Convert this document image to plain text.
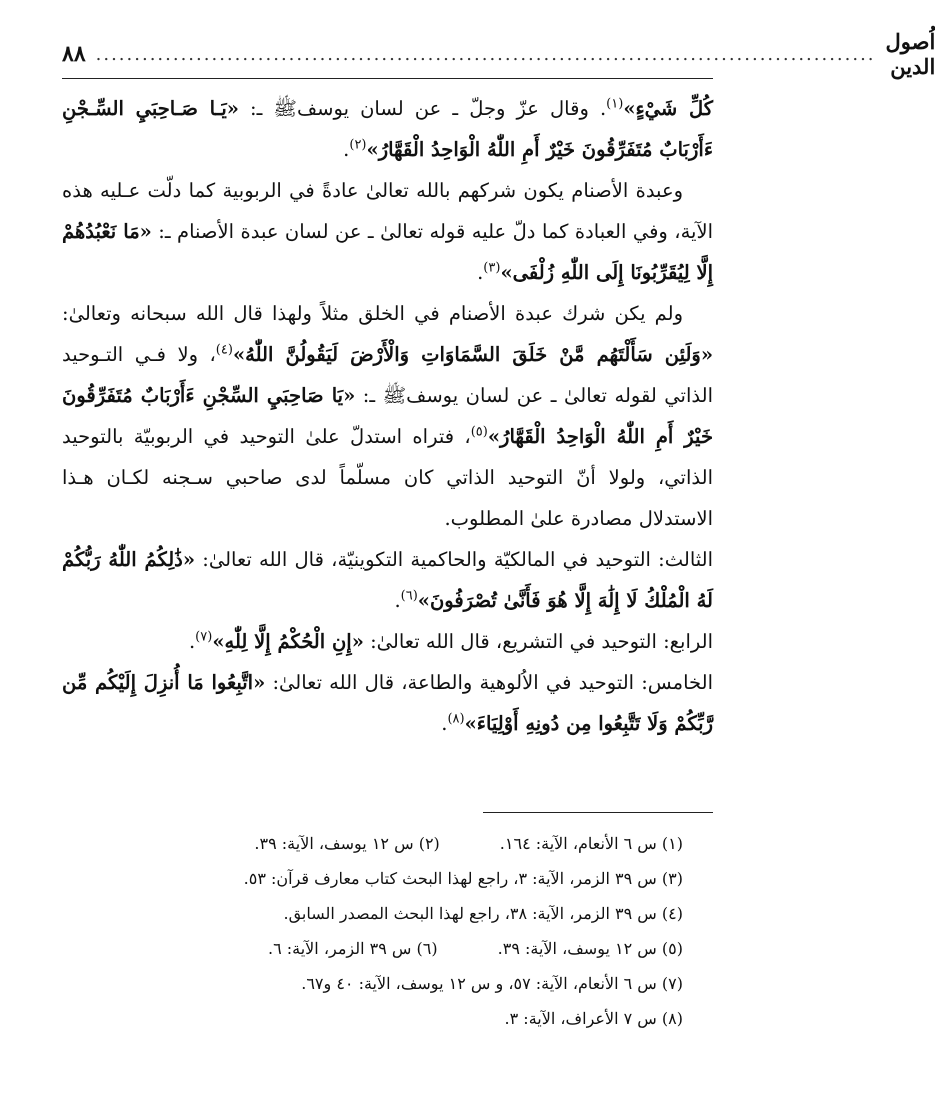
٨٨ ..................................................................................................... اُصول الدين

كُلِّ شَيْءٍ»$^{(١)}$. وقال عزّ وجلّ ـ عن لسان يوسفﷺ ـ: «يَـا صَـاحِبَيِ السِّـجْنِ ءَأَرْبَابٌ مُتَفَرِّقُونَ خَيْرٌ أَمِ اللّٰهُ الْوَاحِدُ الْقَهَّارُ»$^{(٢)}$.

وعبدة الأصنام يكون شركهم بالله تعالىٰ عادةً في الربوبية كما دلّت عـليه هذه الآية، وفي العبادة كما دلّ عليه قوله تعالىٰ ـ عن لسان عبدة الأصنام ـ: «مَا نَعْبُدُهُمْ إِلَّا لِيُقَرِّبُونَا إِلَى اللّٰهِ زُلْفَى»$^{(٣)}$.

ولم يكن شرك عبدة الأصنام في الخلق مثلاً ولهذا قال الله سبحانه وتعالىٰ: «وَلَئِن سَأَلْتَهُم مَّنْ خَلَقَ السَّمَاوَاتِ وَالْأَرْضَ لَيَقُولُنَّ اللّٰهُ»$^{(٤)}$، ولا فـي التـوحيد الذاتي لقوله تعالىٰ ـ عن لسان يوسفﷺ ـ: «يَا صَاحِبَيِ السِّجْنِ ءَأَرْبَابٌ مُتَفَرِّقُونَ خَيْرٌ أَمِ اللّٰهُ الْوَاحِدُ الْقَهَّارُ»$^{(٥)}$، فتراه استدلّ علىٰ التوحيد في الربوبيّة بالتوحيد الذاتي، ولولا أنّ التوحيد الذاتي كان مسلّماً لدى صاحبي سـجنه لكـان هـذا الاستدلال مصادرة علىٰ المطلوب.

الثالث: التوحيد في المالكيّة والحاكمية التكوينيّة، قال الله تعالىٰ: «ذَٰلِكُمُ اللّٰهُ رَبُّكُمْ لَهُ الْمُلْكُ لَا إِلَٰهَ إِلَّا هُوَ فَأَنَّىٰ تُصْرَفُونَ»$^{(٦)}$.

الرابع: التوحيد في التشريع، قال الله تعالىٰ: «إِنِ الْحُكْمُ إِلَّا لِلّٰهِ»$^{(٧)}$.

الخامس: التوحيد في الاُلوهية والطاعة، قال الله تعالىٰ: «اتَّبِعُوا مَا أُنزِلَ إِلَيْكُم مِّن رَّبِّكُمْ وَلَا تَتَّبِعُوا مِن دُونِهِ أَوْلِيَاءَ»$^{(٨)}$.

(١) س ٦ الأنعام، الآية: ١٦٤.(٢) س ١٢ يوسف، الآية: ٣٩.
(٣) س ٣٩ الزمر، الآية: ٣، راجع لهذا البحث كتاب معارف قرآن: ٥٣.
(٤) س ٣٩ الزمر، الآية: ٣٨، راجع لهذا البحث المصدر السابق.
(٥) س ١٢ يوسف، الآية: ٣٩.(٦) س ٣٩ الزمر، الآية: ٦.
(٧) س ٦ الأنعام، الآية: ٥٧، و س ١٢ يوسف، الآية: ٤٠ و٦٧.
(٨) س ٧ الأعراف، الآية: ٣.
